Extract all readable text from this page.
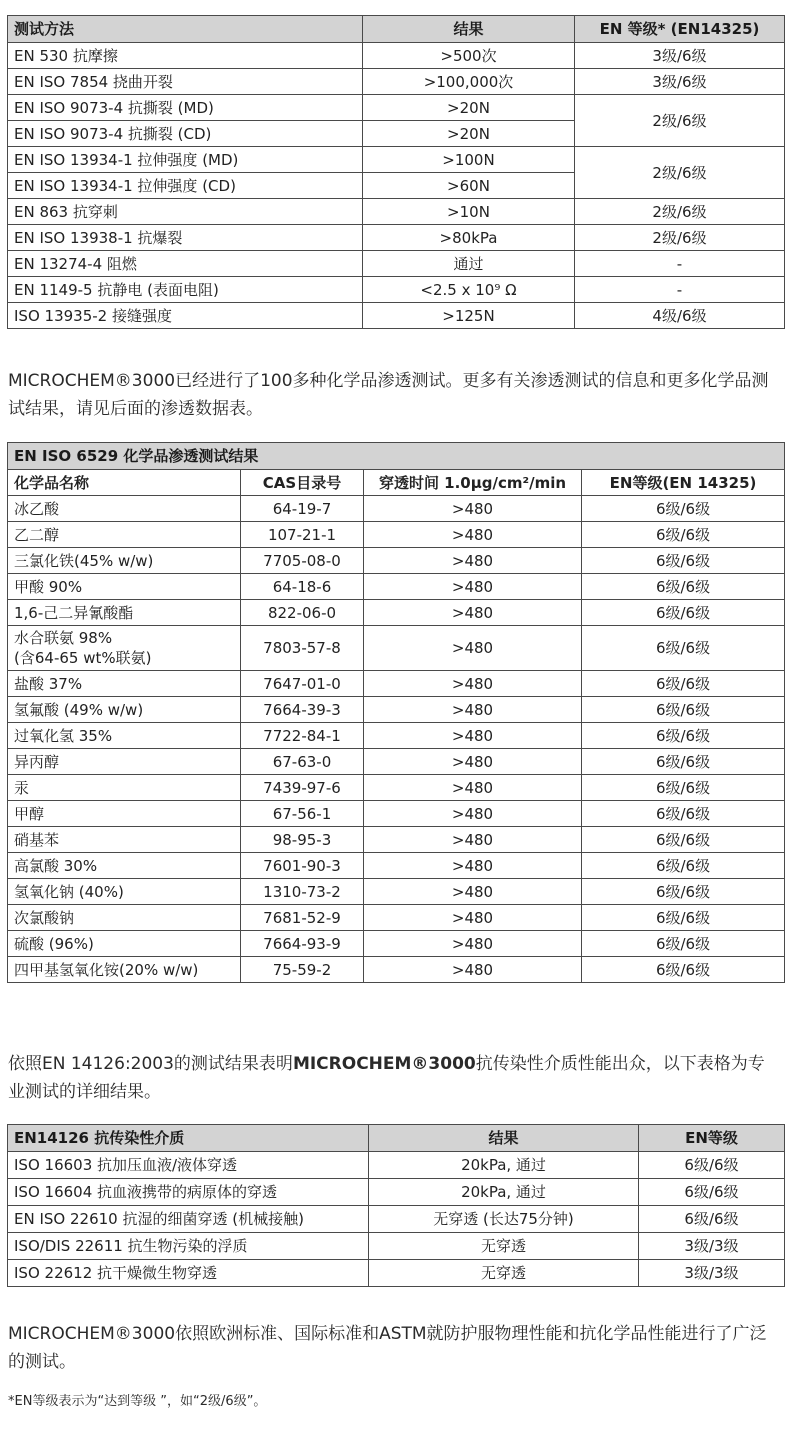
测试方法	结果	EN 等级* (EN14325)
EN 530 抗摩擦	>500次	3级/6级
EN ISO 7854 挠曲开裂	>100,000次	3级/6级
EN ISO 9073-4 抗撕裂 (MD)	>20N	2级/6级
EN ISO 9073-4 抗撕裂 (CD)	>20N	
EN ISO 13934-1 拉伸强度 (MD)	>100N	2级/6级
EN ISO 13934-1 拉伸强度 (CD)	>60N	
EN 863 抗穿刺	>10N	2级/6级
EN ISO 13938-1 抗爆裂	>80kPa	2级/6级
EN 13274-4 阻燃	通过	-
EN 1149-5 抗静电 (表面电阻)	<2.5 x 10⁹ Ω	-
ISO 13935-2 接缝强度	>125N	4级/6级
MICROCHEM®3000已经进行了100多种化学品渗透测试。更多有关渗透测试的信息和更多化学品测试结果，请见后面的渗透数据表。
EN ISO 6529 化学品渗透测试结果			
化学品名称	CAS目录号	穿透时间 1.0μg/cm²/min	EN等级(EN 14325)
冰乙酸	64-19-7	>480	6级/6级
乙二醇	107-21-1	>480	6级/6级
三氯化铁(45% w/w)	7705-08-0	>480	6级/6级
甲酸 90%	64-18-6	>480	6级/6级
1,6-己二异氰酸酯	822-06-0	>480	6级/6级
水合联氨 98%
(含64-65 wt%联氨)	7803-57-8	>480	6级/6级
盐酸 37%	7647-01-0	>480	6级/6级
氢氟酸 (49% w/w)	7664-39-3	>480	6级/6级
过氧化氢 35%	7722-84-1	>480	6级/6级
异丙醇	67-63-0	>480	6级/6级
汞	7439-97-6	>480	6级/6级
甲醇	67-56-1	>480	6级/6级
硝基苯	98-95-3	>480	6级/6级
高氯酸 30%	7601-90-3	>480	6级/6级
氢氧化钠 (40%)	1310-73-2	>480	6级/6级
次氯酸钠	7681-52-9	>480	6级/6级
硫酸 (96%)	7664-93-9	>480	6级/6级
四甲基氢氧化铵(20% w/w)	75-59-2	>480	6级/6级
依照EN 14126:2003的测试结果表明MICROCHEM®3000抗传染性介质性能出众，以下表格为专业测试的详细结果。
EN14126 抗传染性介质	结果	EN等级
ISO 16603 抗加压血液/液体穿透	20kPa, 通过	6级/6级
ISO 16604 抗血液携带的病原体的穿透	20kPa, 通过	6级/6级
EN ISO 22610 抗湿的细菌穿透 (机械接触)	无穿透 (长达75分钟)	6级/6级
ISO/DIS 22611 抗生物污染的浮质	无穿透	3级/3级
ISO 22612 抗干燥微生物穿透	无穿透	3级/3级
MICROCHEM®3000依照欧洲标准、国际标准和ASTM就防护服物理性能和抗化学品性能进行了广泛的测试。
*EN等级表示为“达到等级 ”，如“2级/6级”。
